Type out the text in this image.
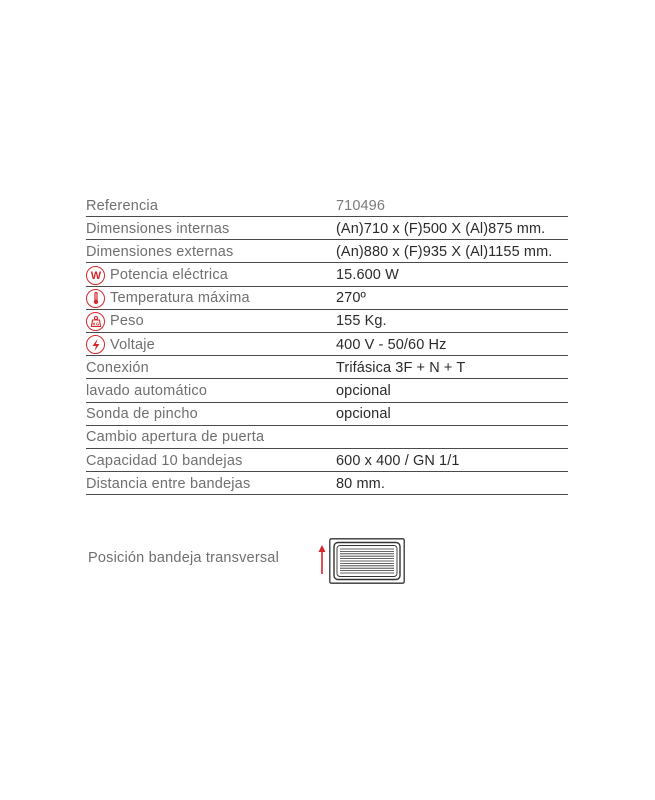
Referencia	710496
Dimensiones internas	(An)710 x (F)500 X (Al)875 mm.
Dimensiones externas	(An)880 x (F)935 X (Al)1155 mm.
W Potencia eléctrica	15.600 W
Temperatura máxima	270º
KG Peso	155 Kg.
Voltaje	400 V - 50/60 Hz
Conexión	Trifásica 3F + N + T
lavado automático	opcional
Sonda de pincho	opcional
Cambio apertura de puerta
Capacidad 10 bandejas	600 x 400 / GN 1/1
Distancia entre bandejas	80 mm.
Posición bandeja transversal
